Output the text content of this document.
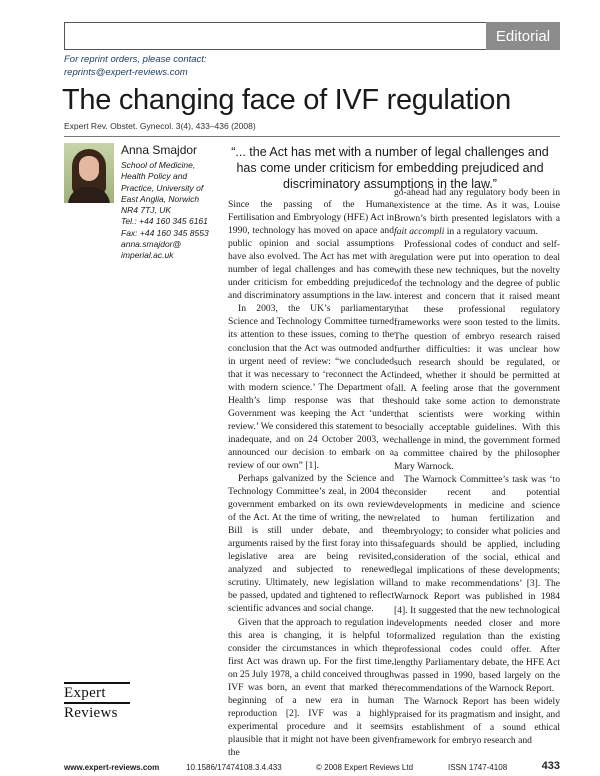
Editorial
For reprint orders, please contact:
reprints@expert-reviews.com
The changing face of IVF regulation
Expert Rev. Obstet. Gynecol. 3(4), 433–436 (2008)
Anna Smajdor
School of Medicine,
Health Policy and
Practice, University of
East Anglia, Norwich
NR4 7TJ, UK
Tel.: +44 160 345 6161
Fax: +44 160 345 8553
anna.smajdor@
imperial.ac.uk
“... the Act has met with a number of legal challenges and has come under criticism for embedding prejudiced and discriminatory assumptions in the law.”

Since the passing of the Human Fertilisation and Embryology (HFE) Act in 1990, technology has moved on apace and public opinion and social assumptions have also evolved. The Act has met with a number of legal challenges and has come under criticism for embedding prejudiced and discriminatory assumptions in the law.

In 2003, the UK’s parliamentary Science and Technology Committee turned its attention to these issues, coming to the conclusion that the Act was outmoded and in urgent need of review: “we concluded that it was necessary to ‘reconnect the Act with modern science.’ The Department of Health’s limp response was that the Government was keeping the Act ‘under review.’ We considered this statement to be inadequate, and on 24 October 2003, we announced our decision to embark on a review of our own” [1].

Perhaps galvanized by the Science and Technology Committee’s zeal, in 2004 the government embarked on its own review of the Act. At the time of writing, the new Bill is still under debate, and the arguments raised by the first foray into this legislative area are being revisited, analyzed and subjected to renewed scrutiny. Ultimately, new legislation will be passed, updated and tightened to reflect scientific advances and social change.

Given that the approach to regulation in this area is changing, it is helpful to consider the circumstances in which the first Act was drawn up. For the first time, on 25 July 1978, a child conceived through IVF was born, an event that marked the beginning of a new era in human reproduction [2]. IVF was a highly experimental procedure and it seems plausible that it might not have been given the

go-ahead had any regulatory body been in existence at the time. As it was, Louise Brown’s birth presented legislators with a fait accompli in a regulatory vacuum.

Professional codes of conduct and self-regulation were put into operation to deal with these new techniques, but the novelty of the technology and the degree of public interest and concern that it raised meant that these professional regulatory frameworks were soon tested to the limits. The question of embryo research raised further difficulties: it was unclear how such research should be regulated, or indeed, whether it should be permitted at all. A feeling arose that the government should take some action to demonstrate that scientists were working within socially acceptable guidelines. With this challenge in mind, the government formed a committee chaired by the philosopher Mary Warnock.

The Warnock Committee’s task was ‘to consider recent and potential developments in medicine and science related to human fertilization and embryology; to consider what policies and safeguards should be applied, including consideration of the social, ethical and legal implications of these developments; and to make recommendations’ [3]. The Warnock Report was published in 1984 [4]. It suggested that the new technological developments needed closer and more formalized regulation than the existing professional codes could offer. After lengthy Parliamentary debate, the HFE Act was passed in 1990, based largely on the recommendations of the Warnock Report.

The Warnock Report has been widely praised for its pragmatism and insight, and its establishment of a sound ethical framework for embryo research and

Expert
Reviews
www.expert-reviews.com	10.1586/17474108.3.4.433	© 2008 Expert Reviews Ltd	ISSN 1747-4108	433
